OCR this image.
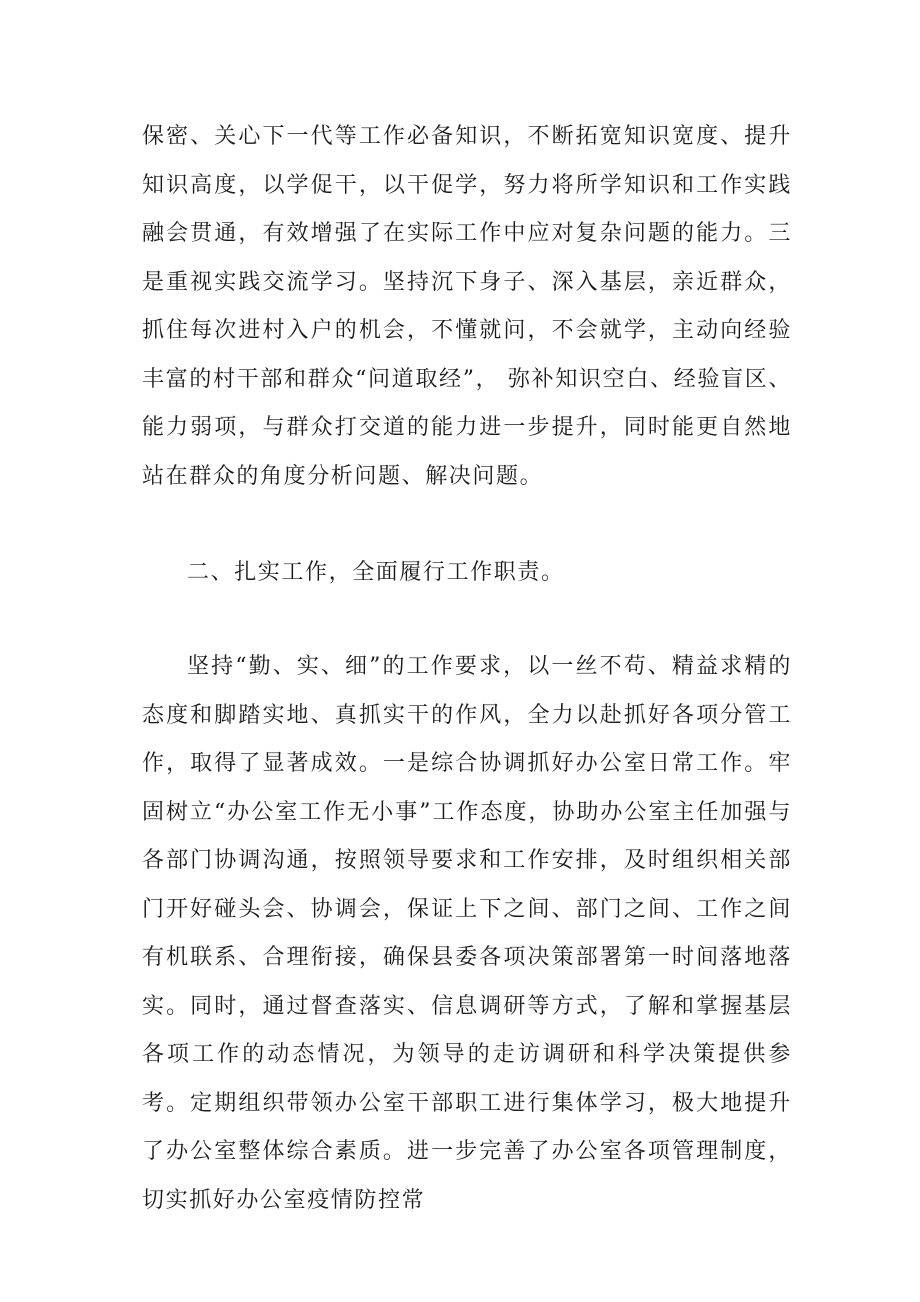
保密、关心下一代等工作必备知识，不断拓宽知识宽度、提升知识高度，以学促干，以干促学，努力将所学知识和工作实践融会贯通，有效增强了在实际工作中应对复杂问题的能力。三是重视实践交流学习。坚持沉下身子、深入基层，亲近群众，抓住每次进村入户的机会，不懂就问，不会就学，主动向经验丰富的村干部和群众“问道取经”， 弥补知识空白、经验盲区、能力弱项，与群众打交道的能力进一步提升，同时能更自然地站在群众的角度分析问题、解决问题。

二、扎实工作，全面履行工作职责。

坚持“勤、实、细”的工作要求，以一丝不苟、精益求精的态度和脚踏实地、真抓实干的作风，全力以赴抓好各项分管工作，取得了显著成效。一是综合协调抓好办公室日常工作。牢固树立“办公室工作无小事”工作态度，协助办公室主任加强与各部门协调沟通，按照领导要求和工作安排，及时组织相关部门开好碰头会、协调会，保证上下之间、部门之间、工作之间有机联系、合理衔接，确保县委各项决策部署第一时间落地落实。同时，通过督查落实、信息调研等方式，了解和掌握基层各项工作的动态情况，为领导的走访调研和科学决策提供参考。定期组织带领办公室干部职工进行集体学习，极大地提升了办公室整体综合素质。进一步完善了办公室各项管理制度，切实抓好办公室疫情防控常
